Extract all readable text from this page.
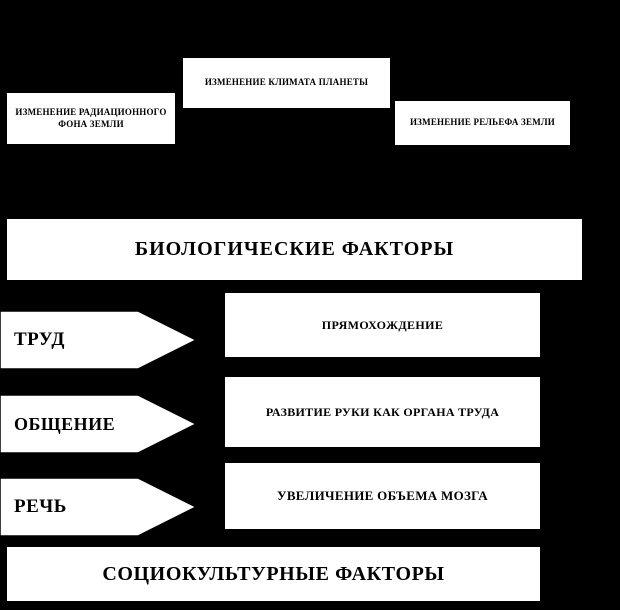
ИЗМЕНЕНИЕ РАДИАЦИОННОГО ФОНА ЗЕМЛИ
ИЗМЕНЕНИЕ КЛИМАТА ПЛАНЕТЫ
ИЗМЕНЕНИЕ РЕЛЬЕФА ЗЕМЛИ
БИОЛОГИЧЕСКИЕ ФАКТОРЫ
ТРУД
ОБЩЕНИЕ
РЕЧЬ
ПРЯМОХОЖДЕНИЕ
РАЗВИТИЕ РУКИ КАК ОРГАНА ТРУДА
УВЕЛИЧЕНИЕ ОБЪЕМА МОЗГА
СОЦИОКУЛЬТУРНЫЕ ФАКТОРЫ
